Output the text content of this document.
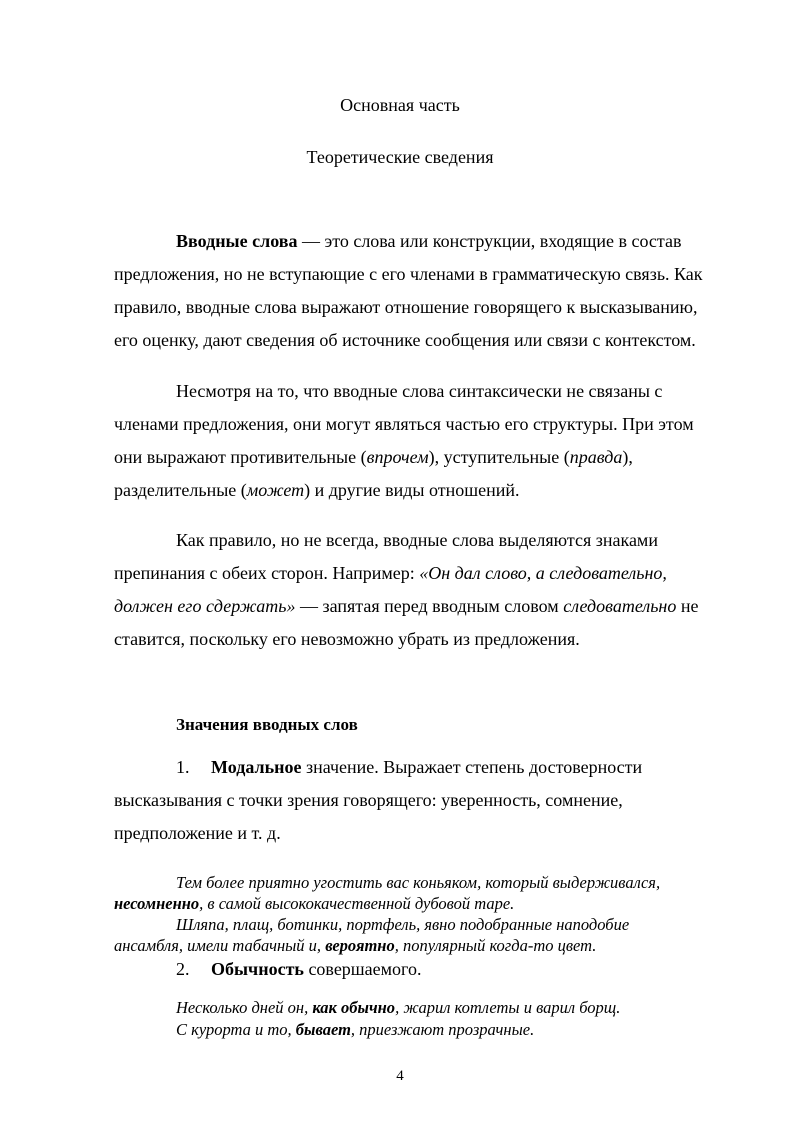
Основная часть
Теоретические сведения
Вводные слова — это слова или конструкции, входящие в состав
предложения, но не вступающие с его членами в грамматическую связь. Как
правило, вводные слова выражают отношение говорящего к высказыванию,
его оценку, дают сведения об источнике сообщения или связи с контекстом.
Несмотря на то, что вводные слова синтаксически не связаны с
членами предложения, они могут являться частью его структуры. При этом
они выражают противительные (впрочем), уступительные (правда),
разделительные (может) и другие виды отношений.
Как правило, но не всегда, вводные слова выделяются знаками
препинания с обеих сторон. Например: «Он дал слово, а следовательно,
должен его сдержать» — запятая перед вводным словом следовательно не
ставится, поскольку его невозможно убрать из предложения.
Значения вводных слов
1. Модальное значение. Выражает степень достоверности
высказывания с точки зрения говорящего: уверенность, сомнение,
предположение и т. д.
Тем более приятно угостить вас коньяком, который выдерживался,
несомненно, в самой высококачественной дубовой таре.
Шляпа, плащ, ботинки, портфель, явно подобранные наподобие
ансамбля, имели табачный и, вероятно, популярный когда-то цвет.
2. Обычность совершаемого.
Несколько дней он, как обычно, жарил котлеты и варил борщ.
С курорта и то, бывает, приезжают прозрачные.
4
